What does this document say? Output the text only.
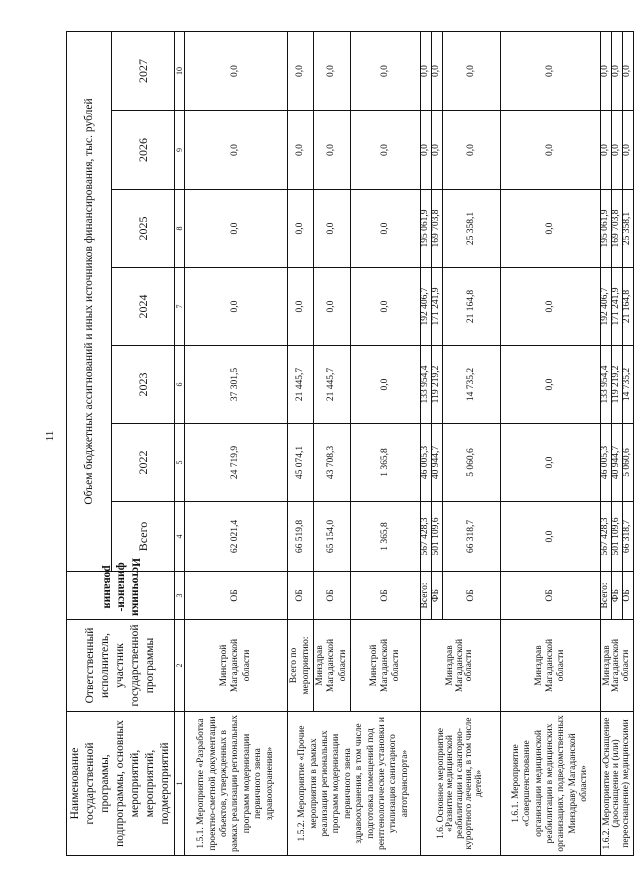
11
Наименование государственной программы, подпрограммы, основных мероприятий, мероприятий, подмероприятий	Ответственный исполнитель, участник государственной программы	Источники финанси-рования	Объем бюджетных ассигнований и иных источников финансирования, тыс. рублей						
			Всего	2022	2023	2024	2025	2026	2027
1	2	3	4	5	6	7	8	9	10
1.5.1. Мероприятие «Разработка проектно-сметной документации объектов, утвержденных в рамках реализации региональных программ модернизации первичного звена здравоохранения»	Минстрой Магаданской области	ОБ	62 021,4	24 719,9	37 301,5	0,0	0,0	0,0	0,0
1.5.2. Мероприятие «Прочие мероприятия в рамках реализации региональных программ модернизации первичного звена здравоохранения, в том числе подготовка помещений под рентгенологические установки и утилизация санитарного автотранспорта»	Всего по мероприятию:	ОБ	66 519,8	45 074,1	21 445,7	0,0	0,0	0,0	0,0
	Минздрав Магаданской области	ОБ	65 154,0	43 708,3	21 445,7	0,0	0,0	0,0	0,0
	Минстрой Магаданской области	ОБ	1 365,8	1 365,8	0,0	0,0	0,0	0,0	0,0
1.6. Основное мероприятие «Развитие медицинской реабилитации и санаторно-курортного лечения, в том числе детей»	Минздрав Магаданской области	Всего:	567 428,3	46 005,3	133 954,4	192 406,7	195 061,9	0,0	0,0
		ФБ	501 109,6	40 944,7	119 219,2	171 241,9	169 703,8	0,0	0,0
		ОБ	66 318,7	5 060,6	14 735,2	21 164,8	25 358,1	0,0	0,0
1.6.1. Мероприятие «Совершенствование организации медицинской реабилитации в медицинских организациях, подведомственных Минздраву Магаданской области»	Минздрав Магаданской области	ОБ	0,0	0,0	0,0	0,0	0,0	0,0	0,0
1.6.2. Мероприятие «Оснащение (дооснащение и (или) переоснащение) медицинскими	Минздрав Магаданской области	Всего:	567 428,3	46 005,3	133 954,4	192 406,7	195 061,9	0,0	0,0
		ФБ	501 109,6	40 944,7	119 219,2	171 241,9	169 703,8	0,0	0,0
		ОБ	66 318,7	5 060,6	14 735,2	21 164,8	25 358,1	0,0	0,0
